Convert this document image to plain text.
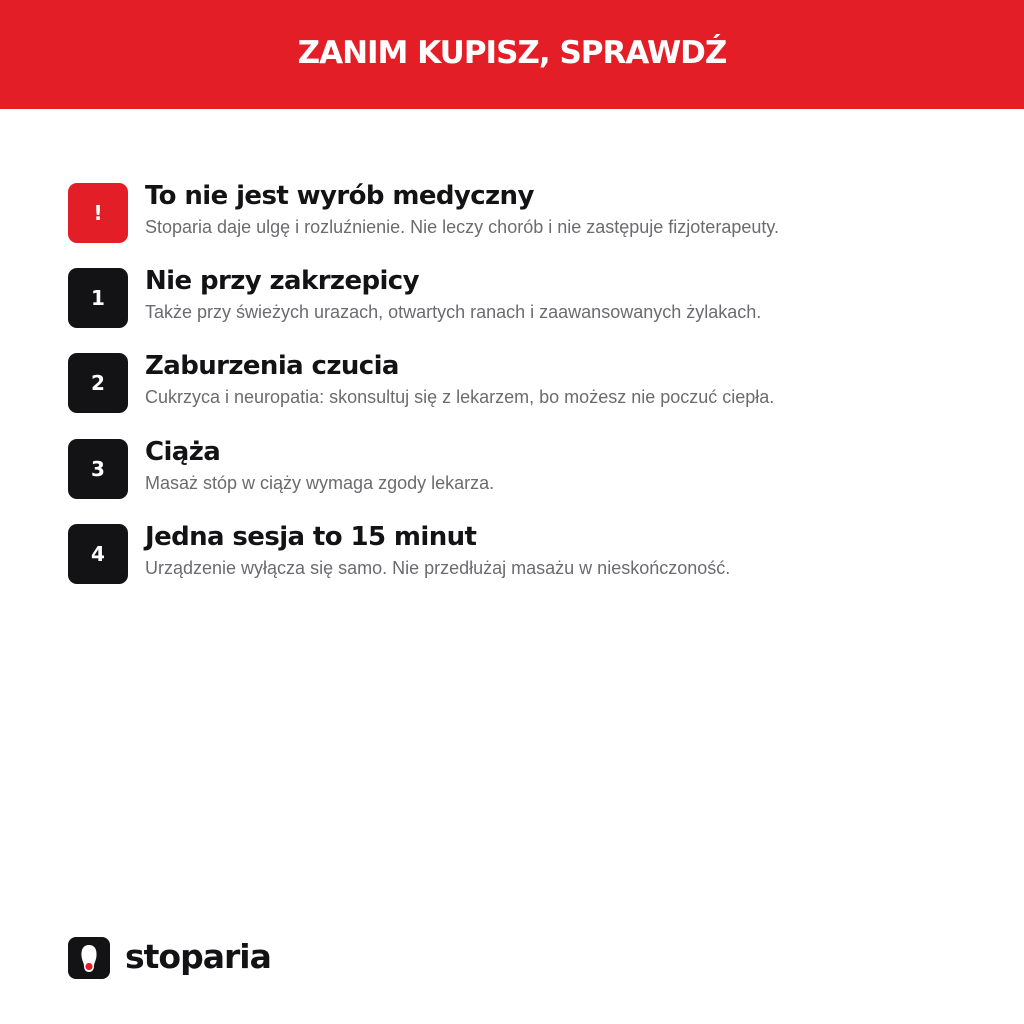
ZANIM KUPISZ, SPRAWDŹ
!
To nie jest wyrób medyczny
Stoparia daje ulgę i rozluźnienie. Nie leczy chorób i nie zastępuje fizjoterapeuty.
1
Nie przy zakrzepicy
Także przy świeżych urazach, otwartych ranach i zaawansowanych żylakach.
2
Zaburzenia czucia
Cukrzyca i neuropatia: skonsultuj się z lekarzem, bo możesz nie poczuć ciepła.
3
Ciąża
Masaż stóp w ciąży wymaga zgody lekarza.
4
Jedna sesja to 15 minut
Urządzenie wyłącza się samo. Nie przedłużaj masażu w nieskończoność.
stoparia
